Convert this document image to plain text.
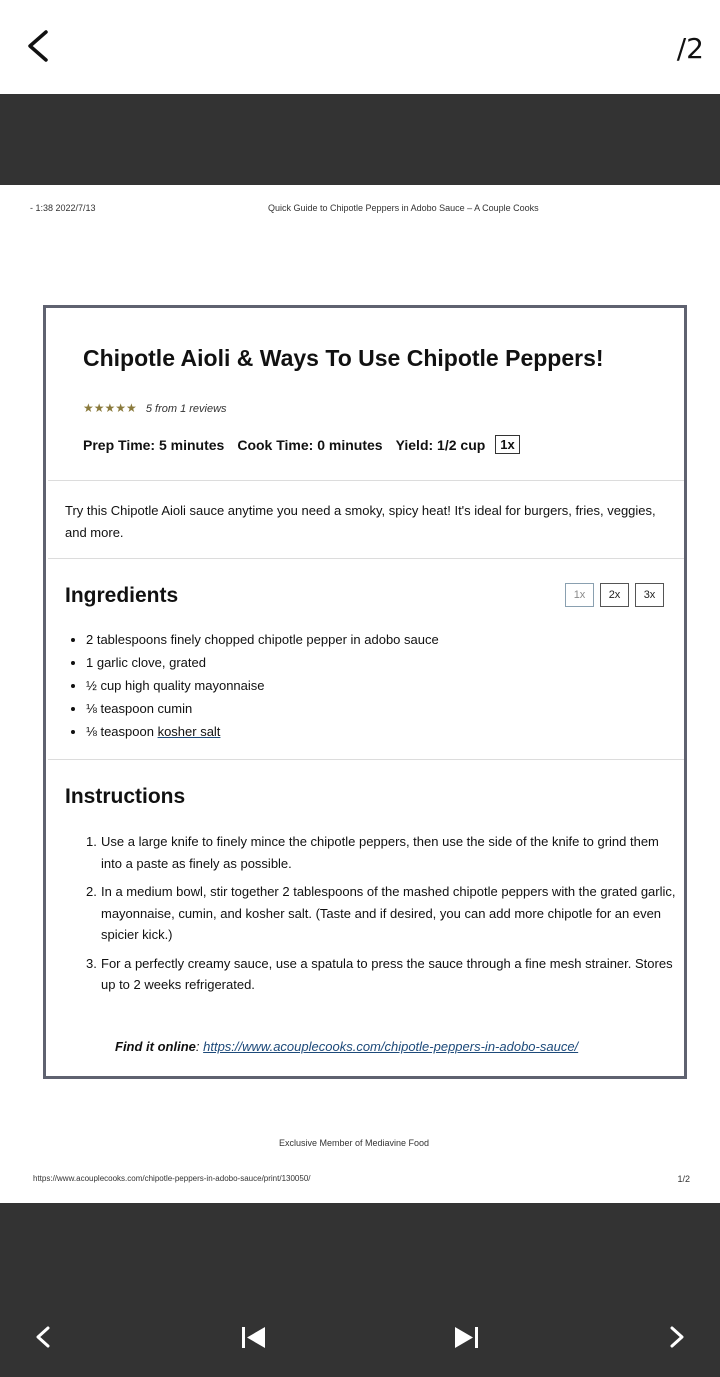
/2
- 1:38 2022/7/13	Quick Guide to Chipotle Peppers in Adobo Sauce – A Couple Cooks
Chipotle Aioli & Ways To Use Chipotle Peppers!
★★★★★ 5 from 1 reviews
Prep Time: 5 minutes Cook Time: 0 minutes Yield: 1/2 cup	1x
Try this Chipotle Aioli sauce anytime you need a smoky, spicy heat! It's ideal for burgers, fries, veggies, and more.
Ingredients	1x	2x	3x
• 2 tablespoons finely chopped chipotle pepper in adobo sauce
• 1 garlic clove, grated
• ½ cup high quality mayonnaise
• ⅛ teaspoon cumin
• ⅛ teaspoon kosher salt
Instructions
1. Use a large knife to finely mince the chipotle peppers, then use the side of the knife to grind them into a paste as finely as possible.
2. In a medium bowl, stir together 2 tablespoons of the mashed chipotle peppers with the grated garlic, mayonnaise, cumin, and kosher salt. (Taste and if desired, you can add more chipotle for an even spicier kick.)
3. For a perfectly creamy sauce, use a spatula to press the sauce through a fine mesh strainer. Stores up to 2 weeks refrigerated.
Find it online: https://www.acouplecooks.com/chipotle-peppers-in-adobo-sauce/
Exclusive Member of Mediavine Food
https://www.acouplecooks.com/chipotle-peppers-in-adobo-sauce/print/130050/	1/2
